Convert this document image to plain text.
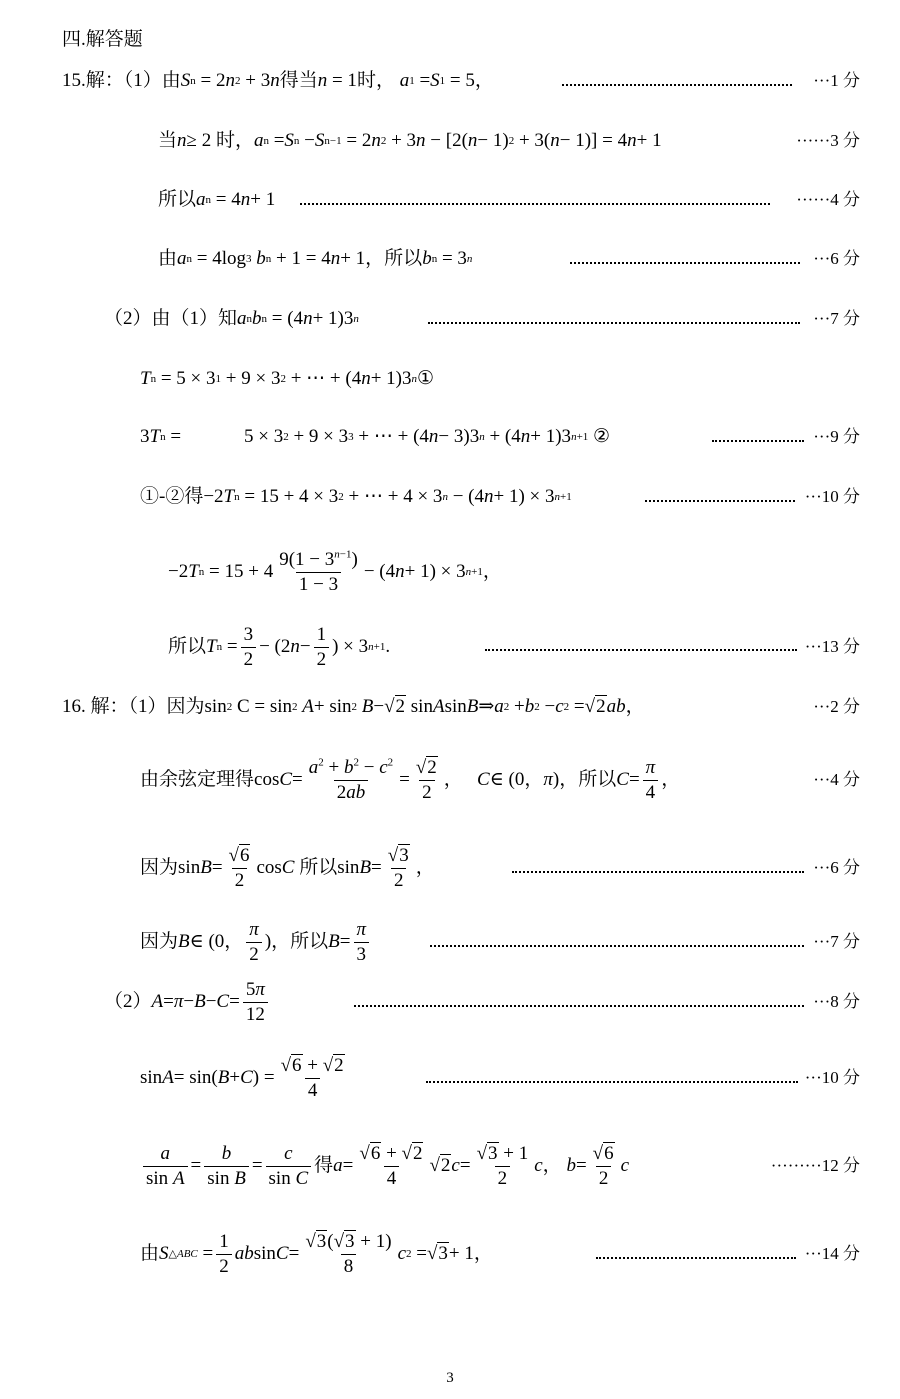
四.解答题
15.解：（1）由 S n = 2 n 2 + 3 n 得当 n = 1 时，
a 1 = S 1 = 5，	···1 分
当 n ≥ 2 时， a n = S n − S n−1 = 2 n 2 + 3 n − [2( n − 1) 2 + 3( n − 1)] = 4 n + 1	······3 分
所以 a n = 4 n + 1	······4 分
由 a n = 4log 3
b n + 1 = 4 n + 1 ，所以 b n = 3 n	···6 分
（2）由（1）知 a n b n = (4 n + 1)3 n	···7 分
T n = 5 × 3 1 + 9 × 3 2 + ⋯ + (4 n + 1)3 n ①
3 T n =	5 × 3 2 + 9 × 3 3 + ⋯ + (4 n − 3)3 n + (4 n + 1)3 n+1
②	···9 分
①-②得 −2 T n = 15 + 4 × 3 2 + ⋯ + 4 × 3 n − (4 n + 1) × 3 n+1	···10 分
−2 T $n = 15 + 4 \frac{9(1 - 3^{n-1})}{1 - 3} - (4$ n + 1) × 3 n+1 ，
所以 T $n = \frac{3}{2} - (2$ $n - \frac{1}{2}$ ) × 3 n+1 .	···13 分
16. 解：（1）因为 sin 2 C = sin 2
A + sin 2
B − √2 sin A sin B ⇒ a 2 + b 2 − c 2 = √2 ab ，	···2 分
由余弦定理得 $\cos C = \frac{a^2 + b^2 - c^2}{2ab} = \frac{√2}{2}$ ， C ∈ (0， π )，所以 $C = \frac{\pi}{4}$ ，	···4 分
因为 $\sin B = \frac{√6}{2}$ cos C
所以 $\sin B = \frac{√3}{2}$ ，	···6 分
因为 B ∈ (0， $\frac{\pi}{2}$ ) ，所以 $B = \frac{\pi}{3}$	···7 分
（2） $A = \pi - B - C = \frac{5\pi}{12}$	···8 分
sin A = sin( B + C ) = $\frac{√6 + √2}{4}$	···10 分
$\frac{a}{\text{sin A}} = \frac{b}{\text{sin B}} = \frac{c}{\text{sin C}}$ 得 $a = \frac{√6 + √2}{4} √2$ $c = \frac{√3 + 1}{2}$ c ， $b = \frac{√6}{2}$ c	·········12 分
由 S △ABC = $\frac{1}{2}$ ab $\sin C = \frac{√3(√3 + 1)}{8}$ c 2 = √3 + 1，	···14 分
3
